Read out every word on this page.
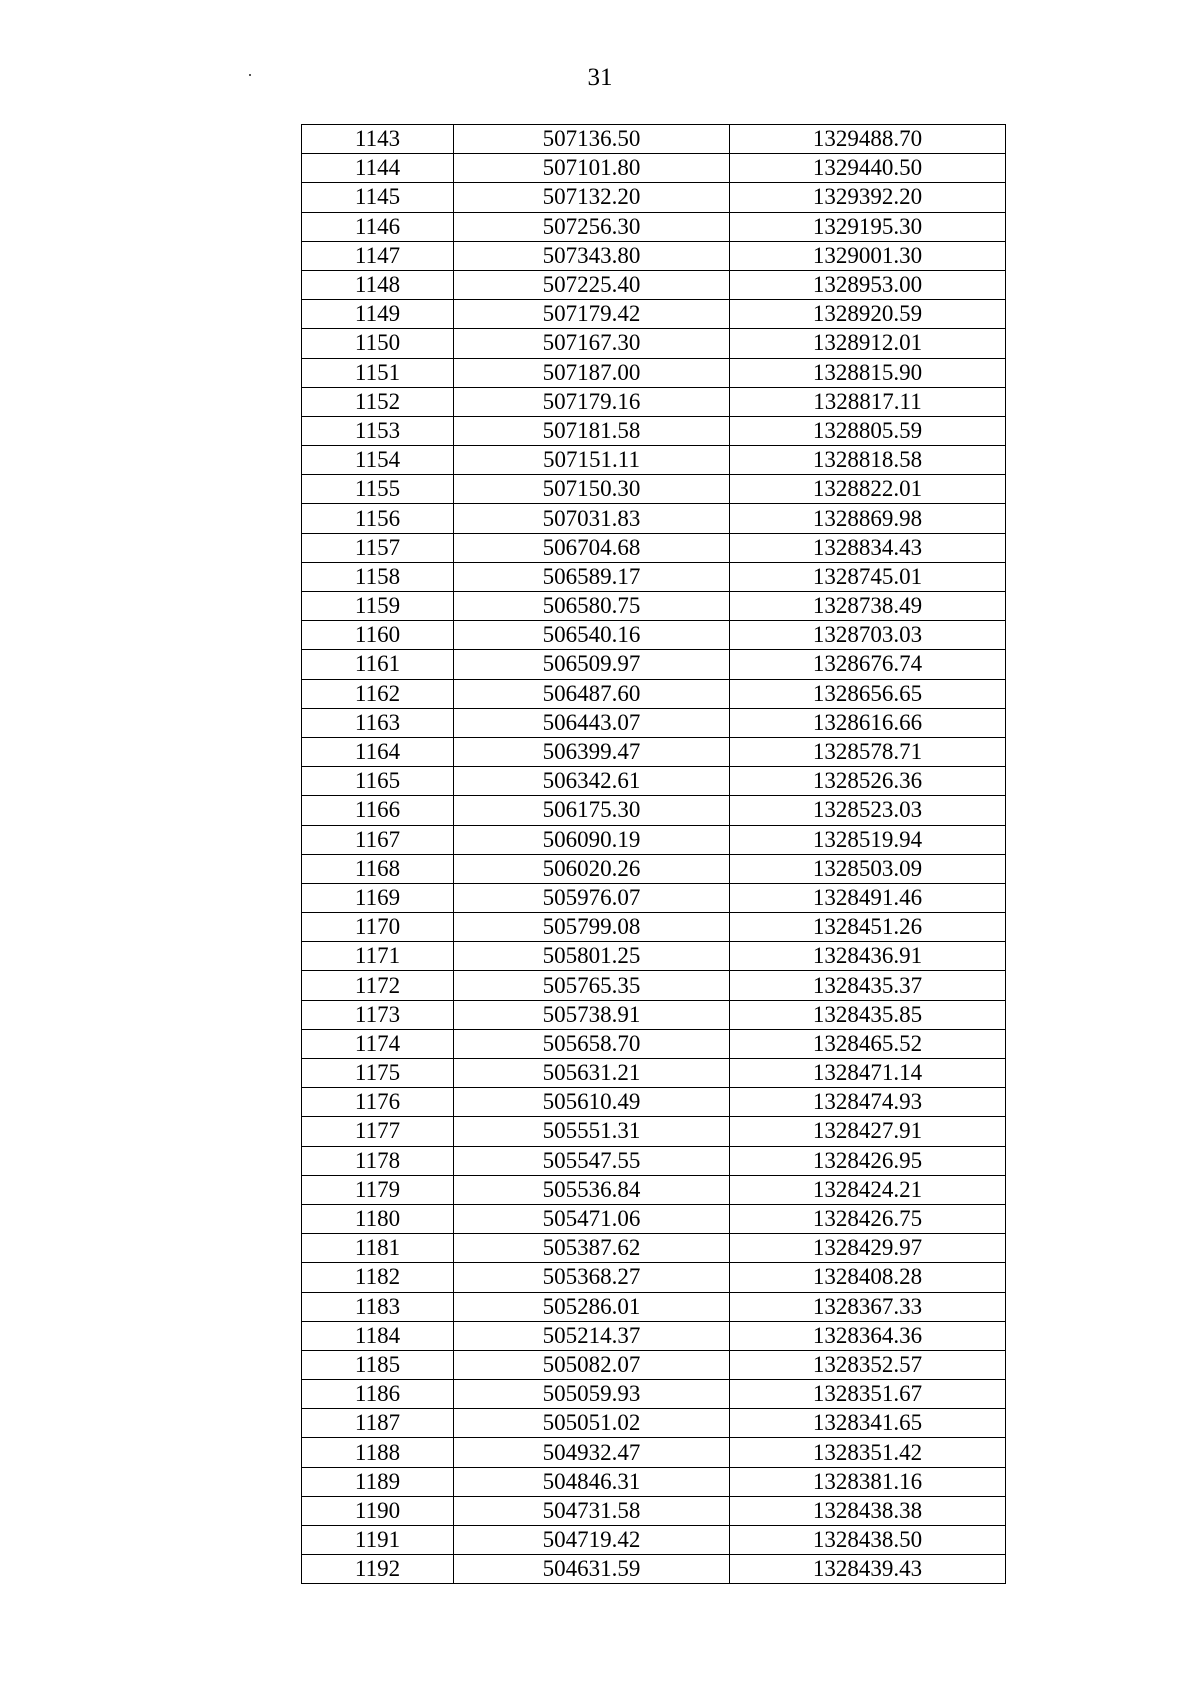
31
1143	507136.50	1329488.70
1144	507101.80	1329440.50
1145	507132.20	1329392.20
1146	507256.30	1329195.30
1147	507343.80	1329001.30
1148	507225.40	1328953.00
1149	507179.42	1328920.59
1150	507167.30	1328912.01
1151	507187.00	1328815.90
1152	507179.16	1328817.11
1153	507181.58	1328805.59
1154	507151.11	1328818.58
1155	507150.30	1328822.01
1156	507031.83	1328869.98
1157	506704.68	1328834.43
1158	506589.17	1328745.01
1159	506580.75	1328738.49
1160	506540.16	1328703.03
1161	506509.97	1328676.74
1162	506487.60	1328656.65
1163	506443.07	1328616.66
1164	506399.47	1328578.71
1165	506342.61	1328526.36
1166	506175.30	1328523.03
1167	506090.19	1328519.94
1168	506020.26	1328503.09
1169	505976.07	1328491.46
1170	505799.08	1328451.26
1171	505801.25	1328436.91
1172	505765.35	1328435.37
1173	505738.91	1328435.85
1174	505658.70	1328465.52
1175	505631.21	1328471.14
1176	505610.49	1328474.93
1177	505551.31	1328427.91
1178	505547.55	1328426.95
1179	505536.84	1328424.21
1180	505471.06	1328426.75
1181	505387.62	1328429.97
1182	505368.27	1328408.28
1183	505286.01	1328367.33
1184	505214.37	1328364.36
1185	505082.07	1328352.57
1186	505059.93	1328351.67
1187	505051.02	1328341.65
1188	504932.47	1328351.42
1189	504846.31	1328381.16
1190	504731.58	1328438.38
1191	504719.42	1328438.50
1192	504631.59	1328439.43
